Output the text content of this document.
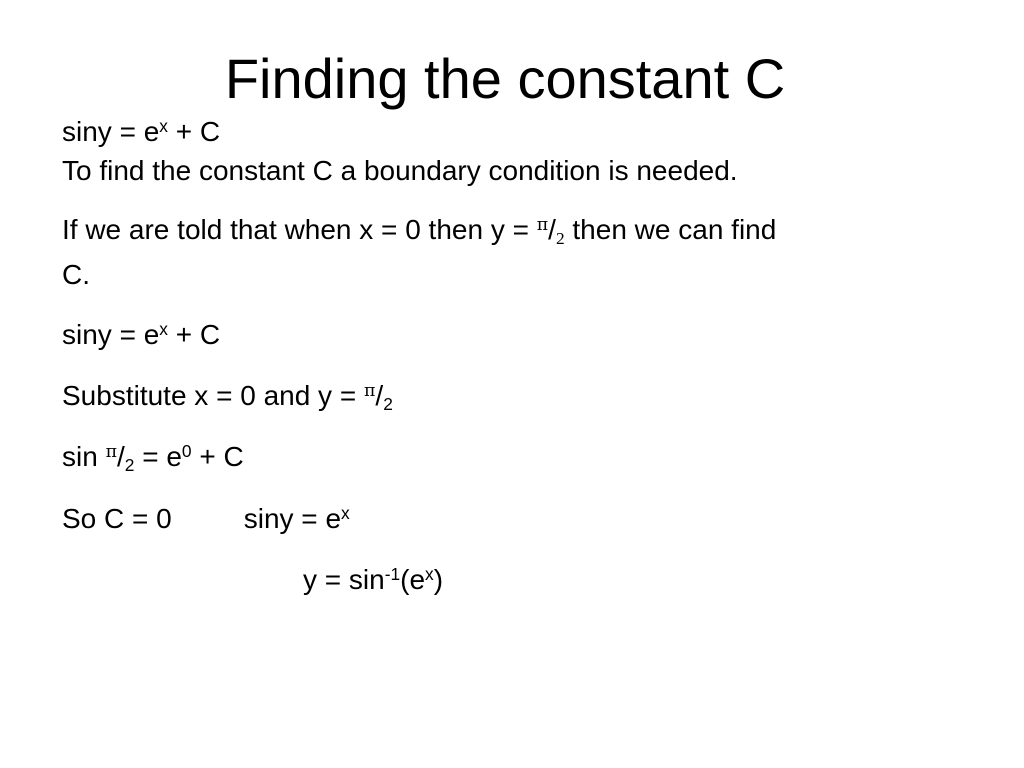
Finding the constant C
$\sin y = e^x + C$
To find the constant C a boundary condition is needed.
If we are told that when x = 0 then $y = ^\pi/_2$ then we can find
C.
$\sin y = e^x + C$
Substitute x = 0 and $y = ^\pi/_2$
$\sin ^\pi/_2 = e^0 + C$
So C = 0	$\sin y = e^x$
$y = \sin^{-1}(e^x)$
